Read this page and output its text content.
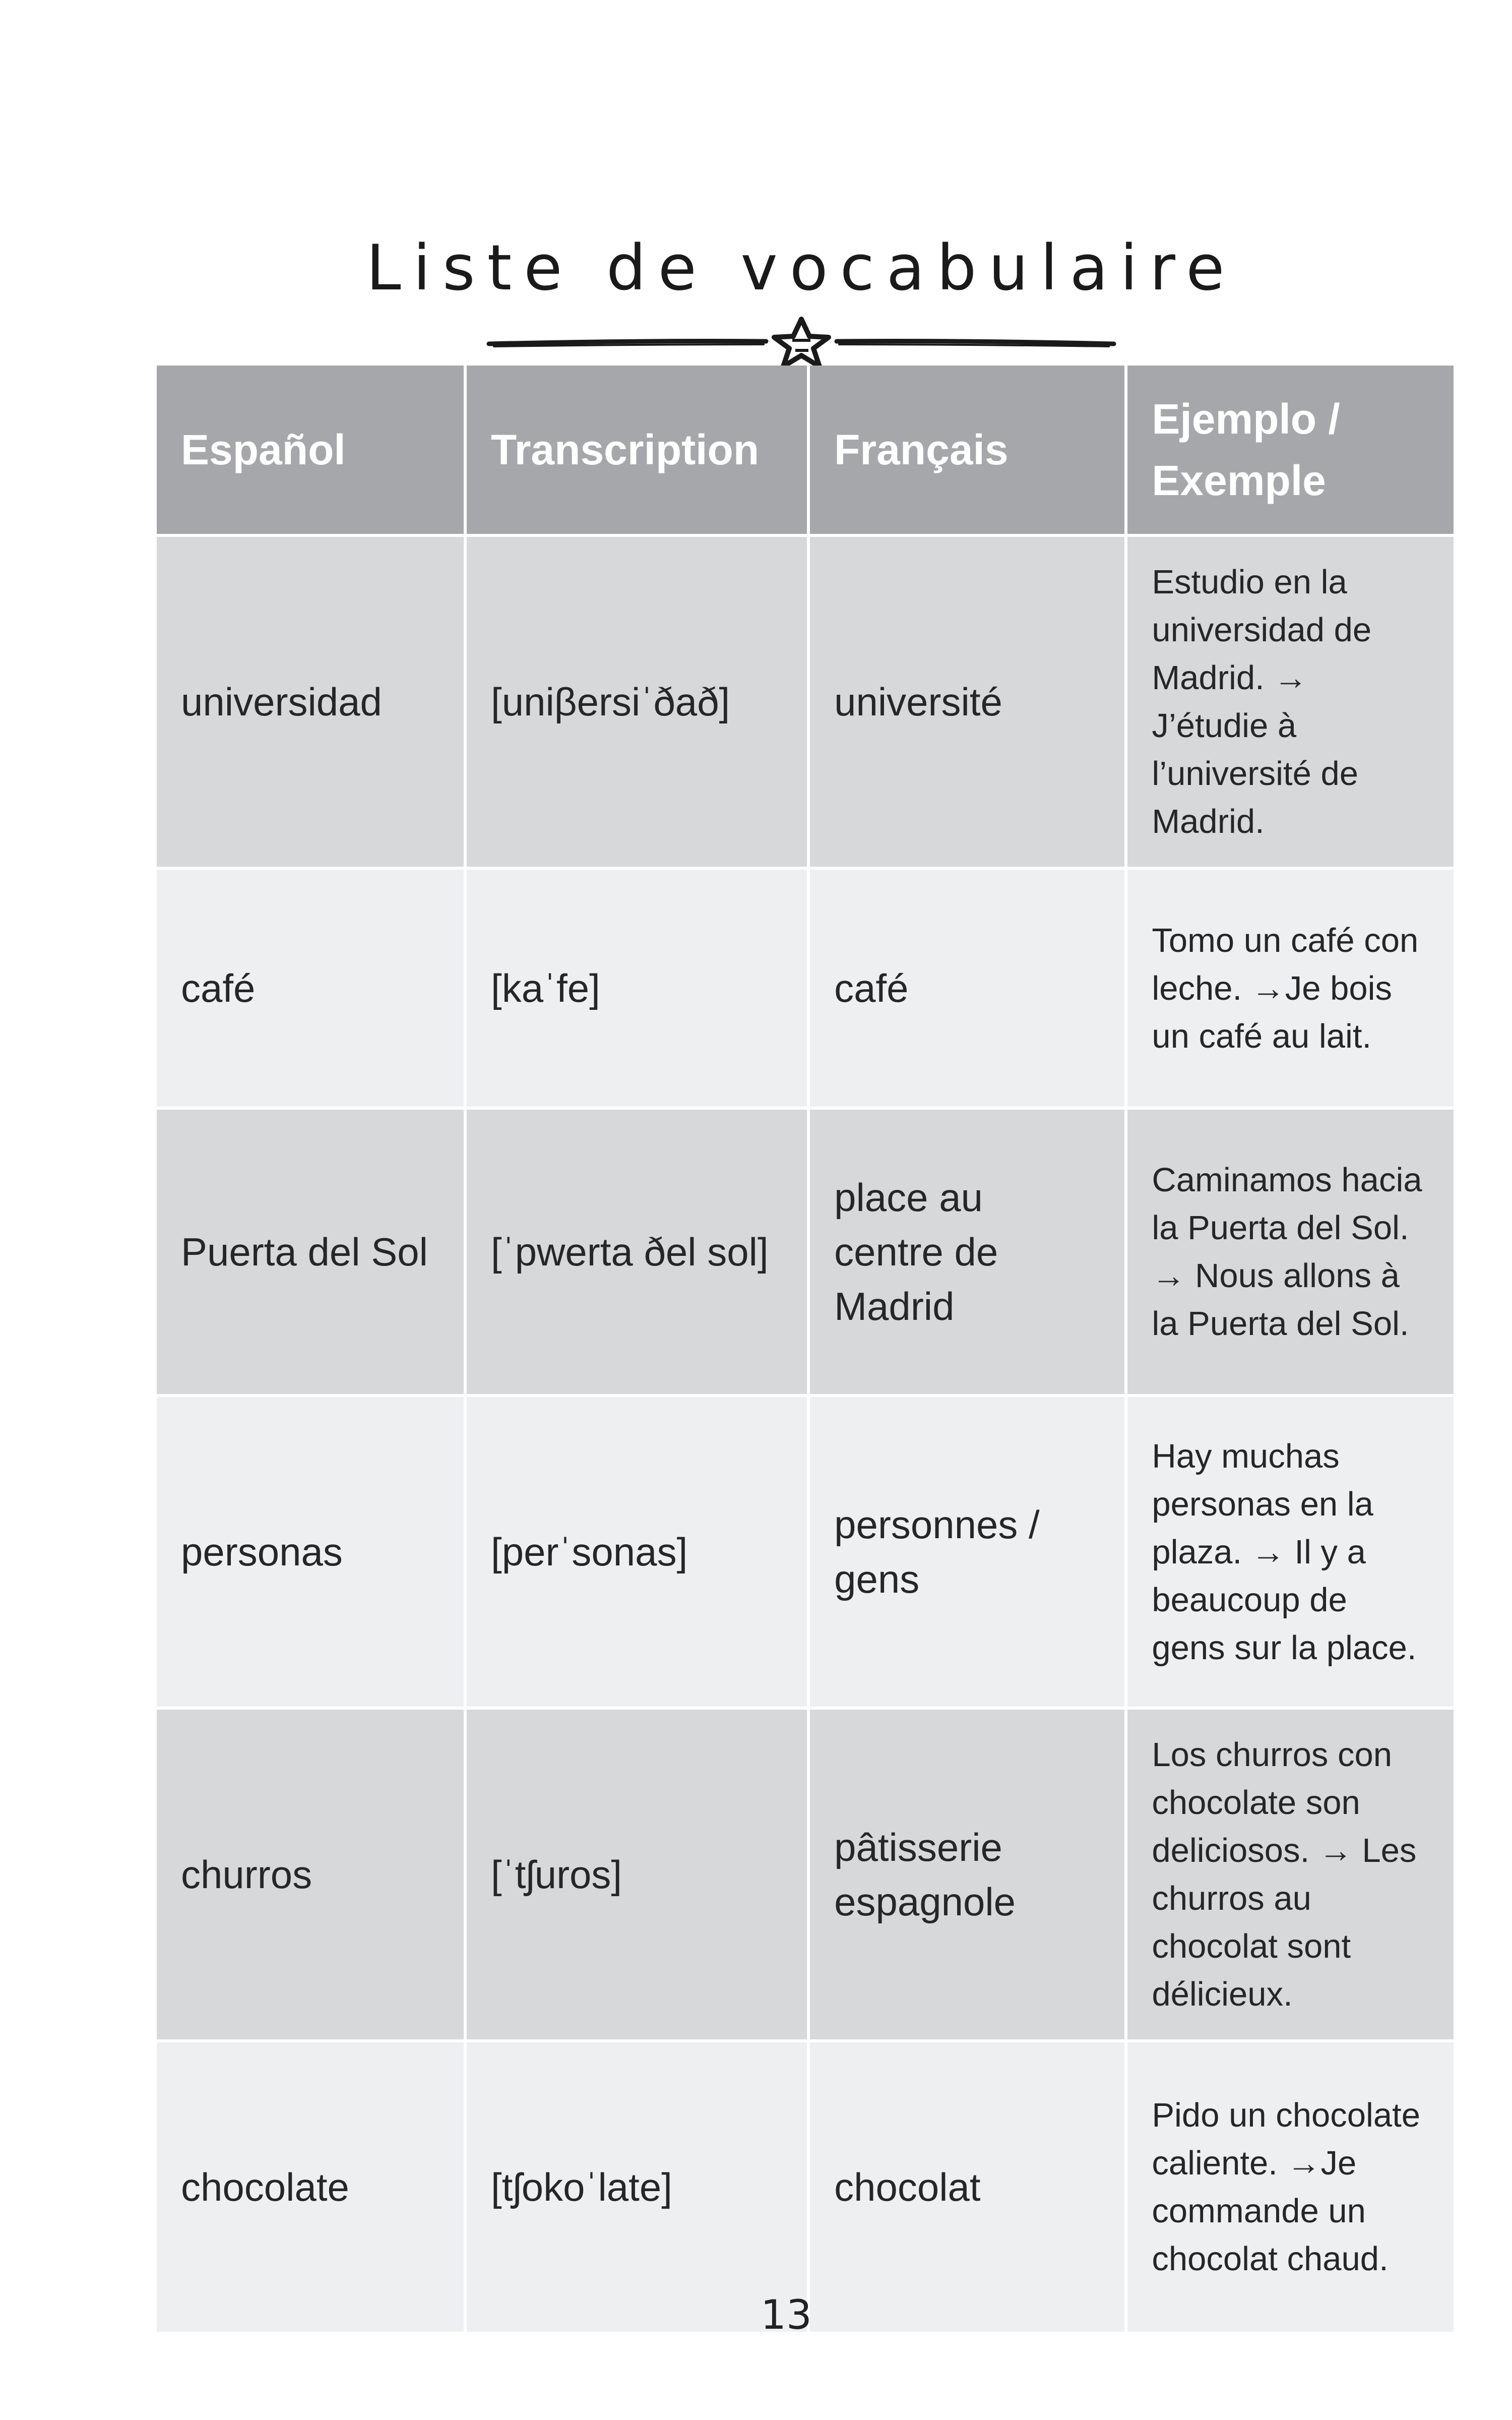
Liste de vocabulaire
Español	Transcription	Français	Ejemplo / Exemple
universidad	[uniβersiˈðað]	université	Estudio en la universidad de Madrid. → J’étudie à l’université de Madrid.
café	[kaˈfe]	café	Tomo un café con leche. →Je bois un café au lait.
Puerta del Sol	[ˈpwerta ðel sol]	place au centre de Madrid	Caminamos hacia la Puerta del Sol. → Nous allons à la Puerta del Sol.
personas	[perˈsonas]	personnes / gens	Hay muchas personas en la plaza. → Il y a beaucoup de gens sur la place.
churros	[ˈtʃuros]	pâtisserie espagnole	Los churros con chocolate son deliciosos. → Les churros au chocolat sont délicieux.
chocolate	[tʃokoˈlate]	chocolat	Pido un chocolate caliente. →Je commande un chocolat chaud.
13
